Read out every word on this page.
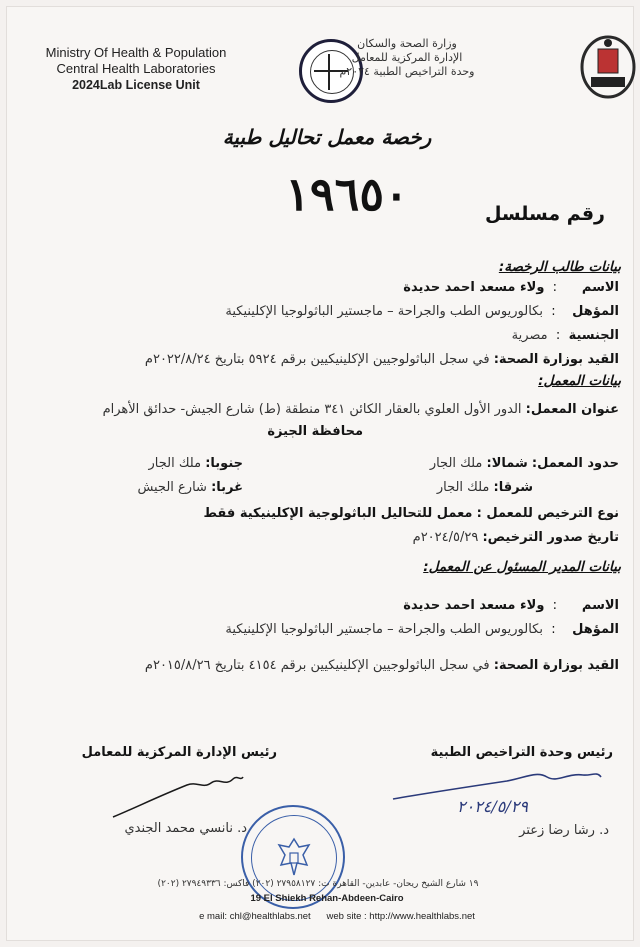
Ministry Of Health & Population
Central Health Laboratories
2024Lab License Unit
وزارة الصحة والسكان
الإدارة المركزية للمعامل
وحدة التراخيص الطبية ٢٠٢٤م
رخصة معمل تحاليل طبية
١٩٦٥٠	رقم مسلسل
بيانات طالب الرخصة:
الاسم      :  ولاء مسعد احمد حديدة
المؤهل    :  بكالوريوس الطب والجراحة – ماجستير الباثولوجيا الإكلينيكية
الجنسية  :  مصرية
القيد بوزارة الصحة: في سجل الباثولوجيين الإكلينيكيين برقم ٥٩٢٤ بتاريخ ٢٠٢٢/٨/٢٤م
بيانات المعمل:
عنوان المعمل: الدور الأول العلوي بالعقار الكائن ٣٤١ منطقة (ط) شارع الجيش- حدائق الأهرام
محافظة الجيزة
حدود المعمل: شمالا: ملك الجار
جنوبا: ملك الجار
شرقا: ملك الجار
غربا: شارع الجيش
نوع الترخيص للمعمل : معمل للتحاليل الباثولوجية الإكلينيكية فقط
تاريخ صدور الترخيص: ٢٠٢٤/٥/٢٩م
بيانات المدير المسئول عن المعمل:
الاسم      :  ولاء مسعد احمد حديدة
المؤهل    :  بكالوريوس الطب والجراحة – ماجستير الباثولوجيا الإكلينيكية
القيد بوزارة الصحة: في سجل الباثولوجيين الإكلينيكيين برقم ٤١٥٤ بتاريخ ٢٠١٥/٨/٢٦م
رئيس وحدة التراخيص الطبية
٢٠٢٤/٥/٢٩
د. رشا رضا زعتر
رئيس الإدارة المركزية للمعامل
د. نانسي محمد الجندي
١٩ شارع الشيخ ريحان- عابدين- القاهرة ت: ٢٧٩٥٨١٢٧ (٢٠٢) فاكس: ٢٧٩٤٩٣٣٦ (٢٠٢)
19 El Shiekh Rehan-Abdeen-Cairo
e mail: chl@healthlabs.net web site : http://www.healthlabs.net
